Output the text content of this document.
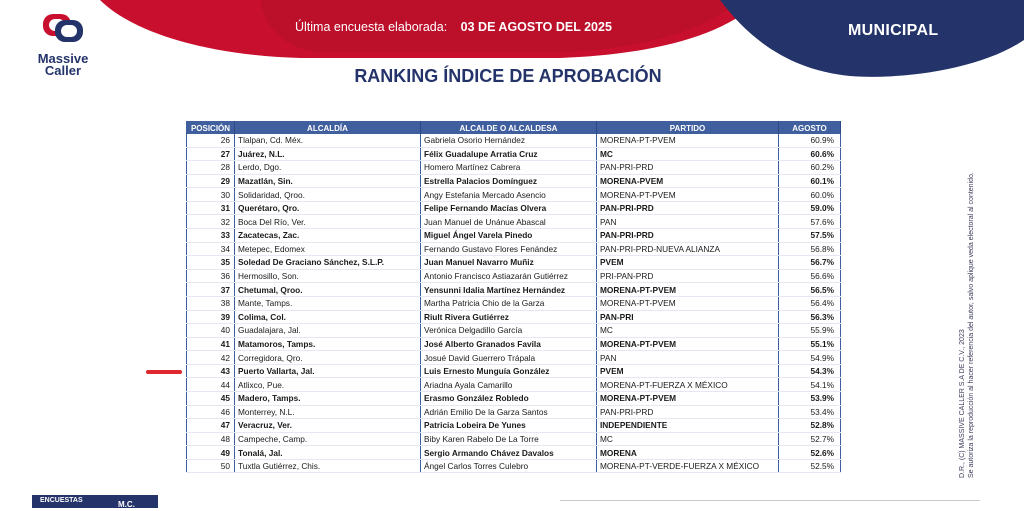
Massive
Caller
Última encuesta elaborada: 03 DE AGOSTO DEL 2025	MUNICIPAL
RANKING ÍNDICE DE APROBACIÓN
POSICIÓN	ALCALDÍA	ALCALDE O ALCALDESA	PARTIDO	AGOSTO
26	Tlalpan, Cd. Méx.	Gabriela Osorio Hernández	MORENA-PT-PVEM	60.9%
27	Juárez, N.L.	Félix Guadalupe Arratia Cruz	MC	60.6%
28	Lerdo, Dgo.	Homero Martínez Cabrera	PAN-PRI-PRD	60.2%
29	Mazatlán, Sin.	Estrella Palacios Domínguez	MORENA-PVEM	60.1%
30	Solidaridad, Qroo.	Angy Estefania Mercado Asencio	MORENA-PT-PVEM	60.0%
31	Querétaro, Qro.	Felipe Fernando Macías Olvera	PAN-PRI-PRD	59.0%
32	Boca Del Río, Ver.	Juan Manuel de Unánue Abascal	PAN	57.6%
33	Zacatecas, Zac.	Miguel Ángel Varela Pinedo	PAN-PRI-PRD	57.5%
34	Metepec, Edomex	Fernando Gustavo Flores Fenández	PAN-PRI-PRD-NUEVA ALIANZA	56.8%
35	Soledad De Graciano Sánchez, S.L.P.	Juan Manuel Navarro Muñiz	PVEM	56.7%
36	Hermosillo, Son.	Antonio Francisco Astiazarán Gutiérrez	PRI-PAN-PRD	56.6%
37	Chetumal, Qroo.	Yensunni Idalia Martínez Hernández	MORENA-PT-PVEM	56.5%
38	Mante, Tamps.	Martha Patricia Chio de la Garza	MORENA-PT-PVEM	56.4%
39	Colima, Col.	Riult Rivera Gutiérrez	PAN-PRI	56.3%
40	Guadalajara, Jal.	Verónica Delgadillo García	MC	55.9%
41	Matamoros, Tamps.	José Alberto Granados Favila	MORENA-PT-PVEM	55.1%
42	Corregidora, Qro.	Josué David Guerrero Trápala	PAN	54.9%
43	Puerto Vallarta, Jal.	Luis Ernesto Munguía González	PVEM	54.3%
44	Atlixco, Pue.	Ariadna Ayala Camarillo	MORENA-PT-FUERZA X MÉXICO	54.1%
45	Madero, Tamps.	Erasmo González Robledo	MORENA-PT-PVEM	53.9%
46	Monterrey, N.L.	Adrián Emilio De la Garza Santos	PAN-PRI-PRD	53.4%
47	Veracruz, Ver.	Patricia Lobeira De Yunes	INDEPENDIENTE	52.8%
48	Campeche, Camp.	Biby Karen Rabelo De La Torre	MC	52.7%
49	Tonalá, Jal.	Sergio Armando Chávez Davalos	MORENA	52.6%
50	Tuxtla Gutiérrez, Chis.	Ángel Carlos Torres Culebro	MORENA-PT-VERDE-FUERZA X MÉXICO	52.5%	D.R., (C) MASSIVE CALLER S.A DE C.V., 2023 Se autoriza la reproducción al hacer referencia del autor, salvo aplique veda electoral al contenido.
ENCUESTAS	M.C.
